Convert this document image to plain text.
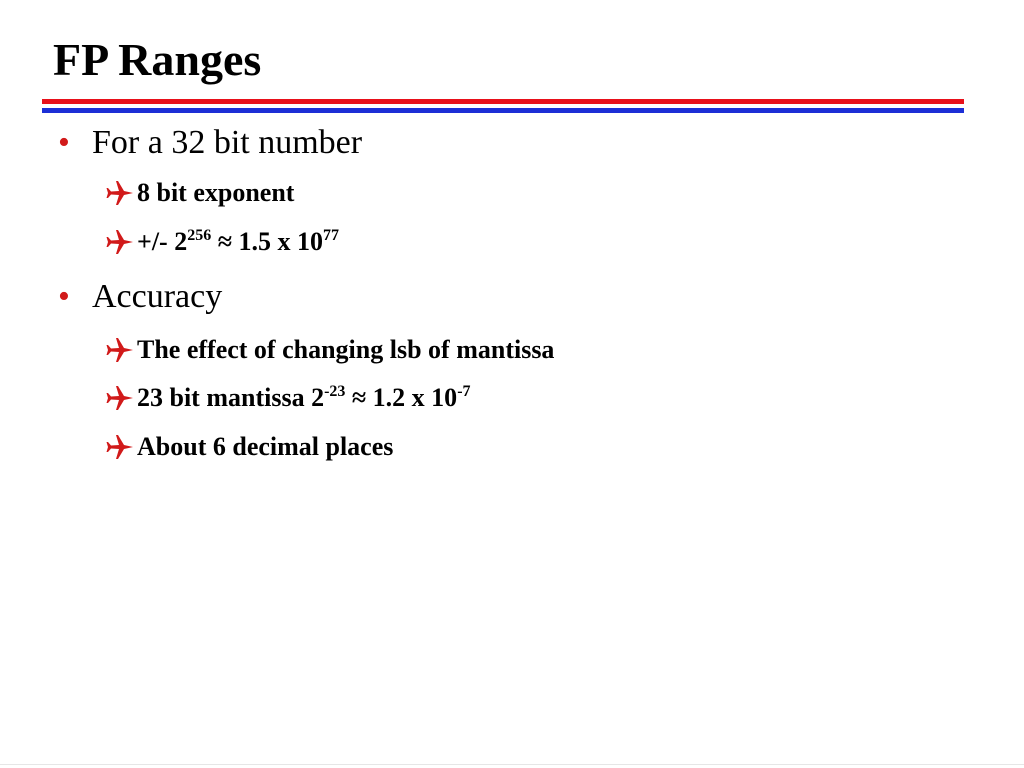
FP Ranges
• For a 32 bit number
8 bit exponent
+/- $2^{256} \approx 1.5$ x $10^{77}$
• Accuracy
The effect of changing lsb of mantissa
23 bit mantissa $2^{-23} \approx 1.2$ x $10^{-7}$
About 6 decimal places
